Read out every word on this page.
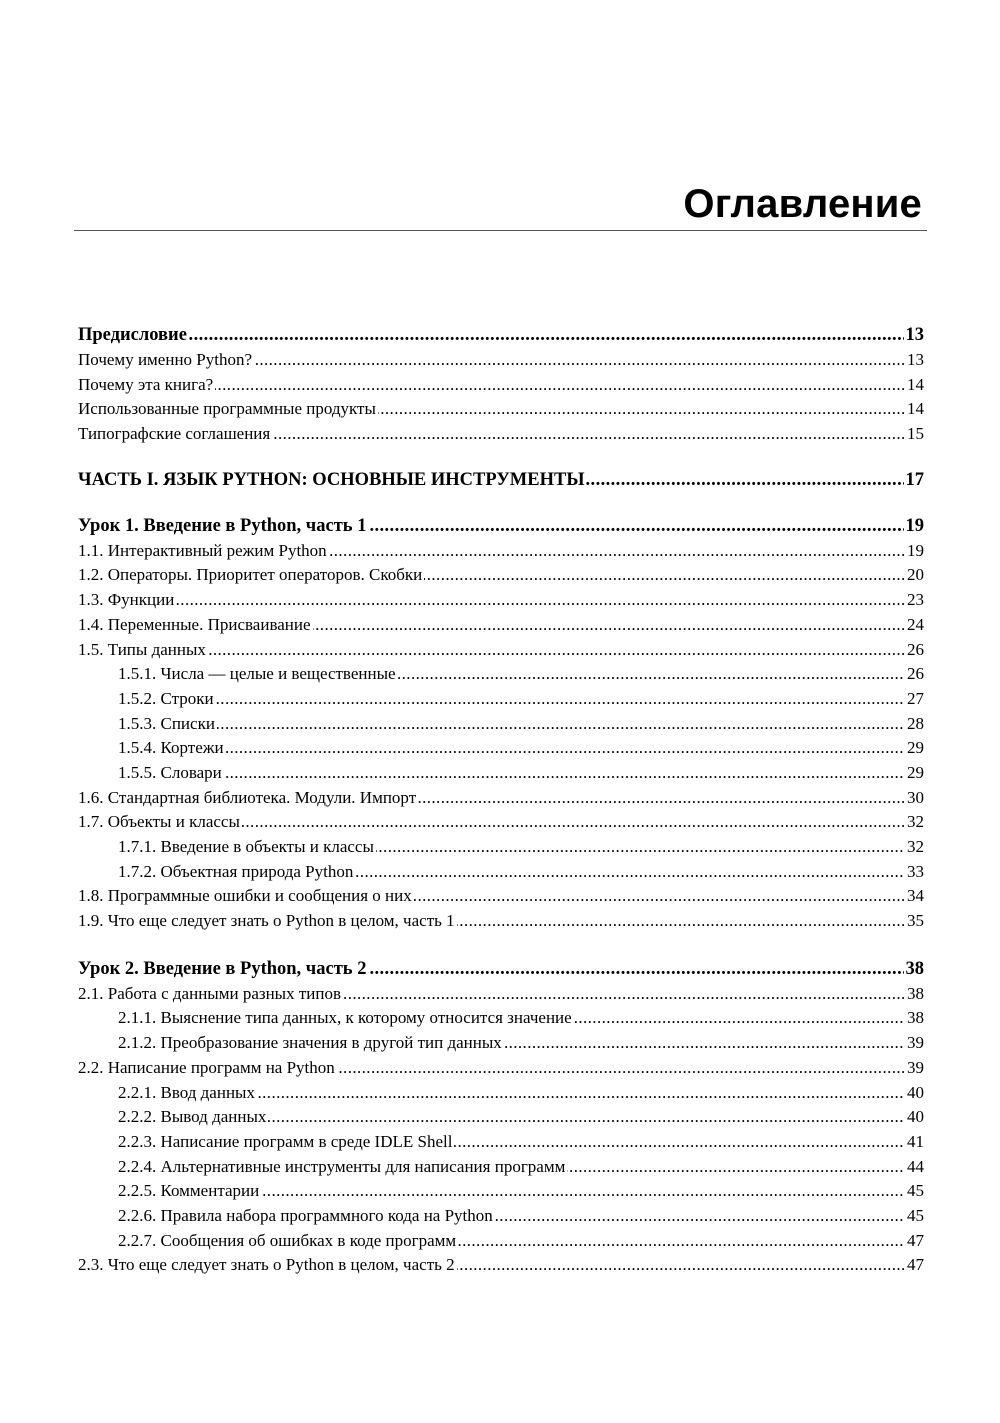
Оглавление
Предисловие .....	13
Почему именно Python? .....	13
Почему эта книга? .....	14
Использованные программные продукты .....	14
Типографские соглашения .....	15
ЧАСТЬ I. ЯЗЫК PYTHON: ОСНОВНЫЕ ИНСТРУМЕНТЫ .....	17
Урок 1. Введение в Python, часть 1 .....	19
1.1. Интерактивный режим Python .....	19
1.2. Операторы. Приоритет операторов. Скобки .....	20
1.3. Функции .....	23
1.4. Переменные. Присваивание .....	24
1.5. Типы данных .....	26
1.5.1. Числа — целые и вещественные .....	26
1.5.2. Строки .....	27
1.5.3. Списки .....	28
1.5.4. Кортежи .....	29
1.5.5. Словари .....	29
1.6. Стандартная библиотека. Модули. Импорт .....	30
1.7. Объекты и классы .....	32
1.7.1. Введение в объекты и классы .....	32
1.7.2. Объектная природа Python .....	33
1.8. Программные ошибки и сообщения о них .....	34
1.9. Что еще следует знать о Python в целом, часть 1 .....	35
Урок 2. Введение в Python, часть 2 .....	38
2.1. Работа с данными разных типов .....	38
2.1.1. Выяснение типа данных, к которому относится значение .....	38
2.1.2. Преобразование значения в другой тип данных .....	39
2.2. Написание программ на Python .....	39
2.2.1. Ввод данных .....	40
2.2.2. Вывод данных .....	40
2.2.3. Написание программ в среде IDLE Shell .....	41
2.2.4. Альтернативные инструменты для написания программ .....	44
2.2.5. Комментарии .....	45
2.2.6. Правила набора программного кода на Python .....	45
2.2.7. Сообщения об ошибках в коде программ .....	47
2.3. Что еще следует знать о Python в целом, часть 2 .....	47
